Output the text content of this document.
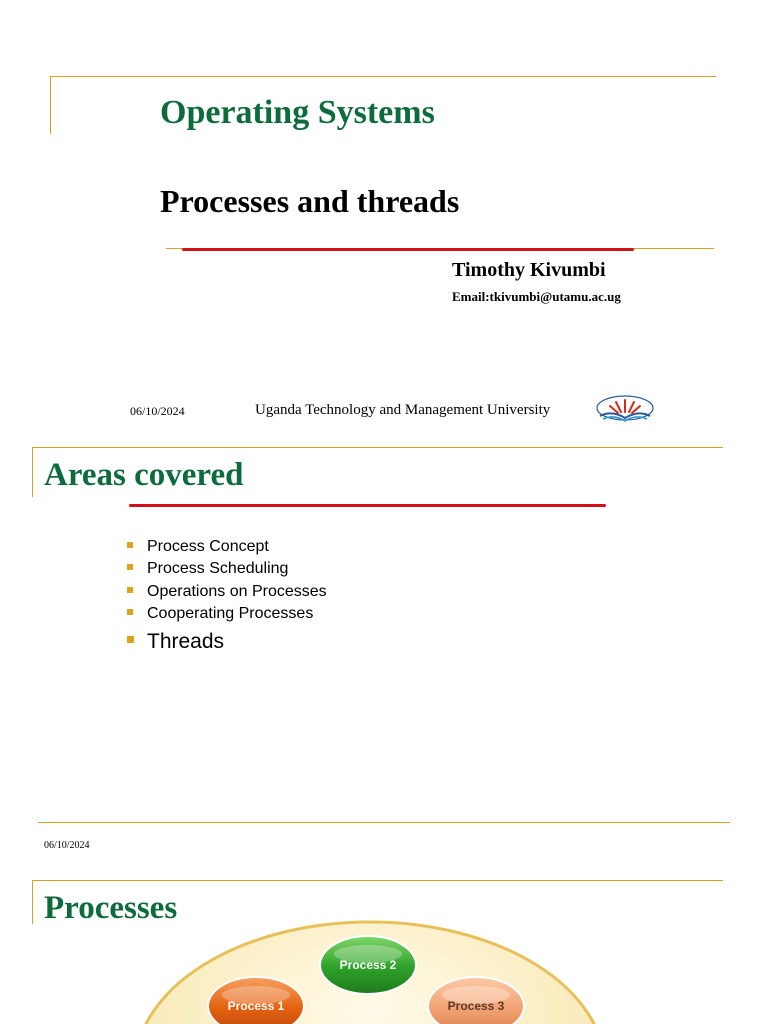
Operating Systems
Processes and threads
Timothy Kivumbi
Email:tkivumbi@utamu.ac.ug
06/10/2024	Uganda Technology and Management University
Areas covered
Process Concept
Process Scheduling
Operations on Processes
Cooperating Processes
Threads
06/10/2024
Processes
Process 2
Process 1	Process 3
